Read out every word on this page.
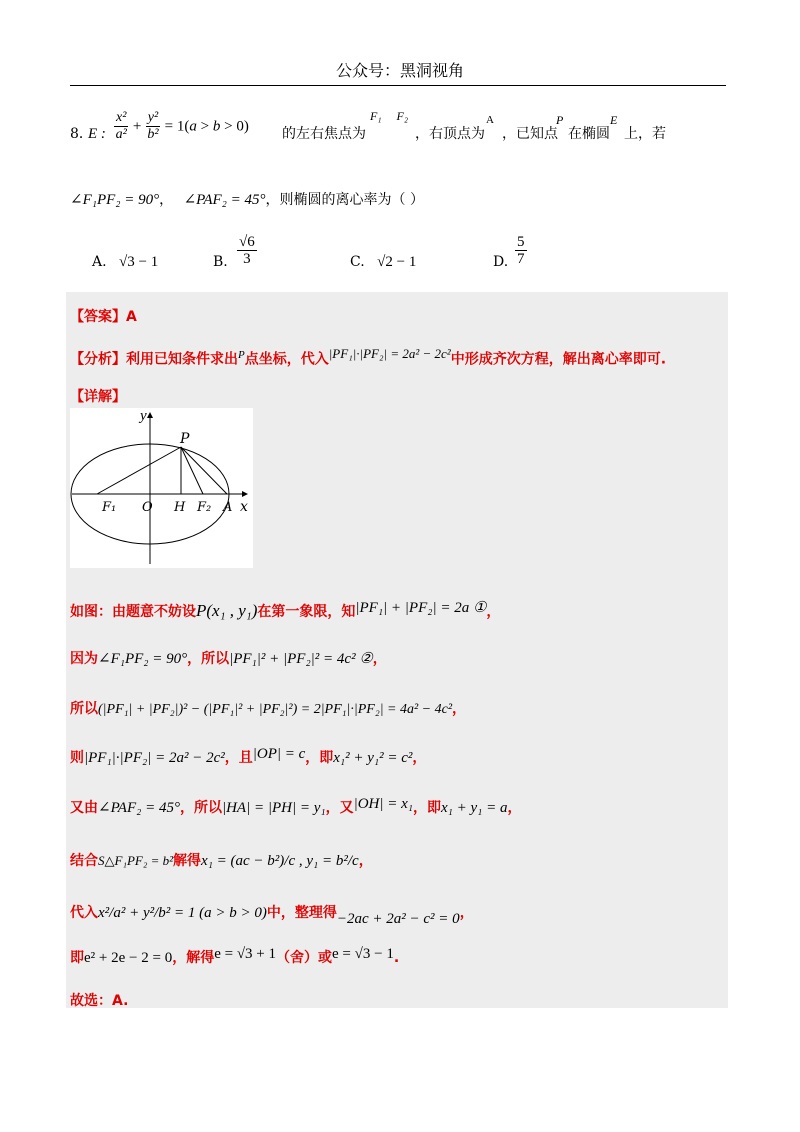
公众号：黑洞视角
8．
E : $\frac{\text{x²}}{\text{a²}} + \frac{\text{y²}}{\text{b²}} = 1(a > b > 0)$ 的左右焦点为
F₁ F₂
，右顶点为
A
，已知点
P
在椭圆
E
上，若
∠F₁PF₂ = 90°， ∠PAF₂ = 45°，则椭圆的离心率为（ ）
A. √3 − 1	B. $\frac{√6}{3}$	C. √2 − 1	D. $\frac{5}{7}$
【答案】A
【分析】利用已知条件求出$^P$点坐标，代入|PF₁|·|PF₂| = 2a² − 2c²中形成齐次方程，解出离心率即可.
【详解】
y
x
P
F₁ O H F₂ A
如图：由题意不妨设P(x₁ , y₁)在第一象限，知|PF₁| + |PF₂| = 2a ①，
因为∠F₁PF₂ = 90°，所以|PF₁|² + |PF₂|² = 4c² ②，
所以(|PF₁| + |PF₂|)² − (|PF₁|² + |PF₂|²) = 2|PF₁|·|PF₂| = 4a² − 4c²，
则|PF₁|·|PF₂| = 2a² − 2c²，且|OP| = c，即x₁² + y₁² = c²，
又由∠PAF₂ = 45°，所以|HA| = |PH| = y₁，又|OH| = x₁，即x₁ + y₁ = a，
结合S△F₁PF₂ = b²解得x₁ = (ac − b²)/c , y₁ = b²/c，
代入x²/a² + y²/b² = 1 (a > b > 0)中，整理得−2ac + 2a² − c² = 0，
即e² + 2e − 2 = 0，解得e = √3 + 1（舍）或e = √3 − 1.
故选：A.
